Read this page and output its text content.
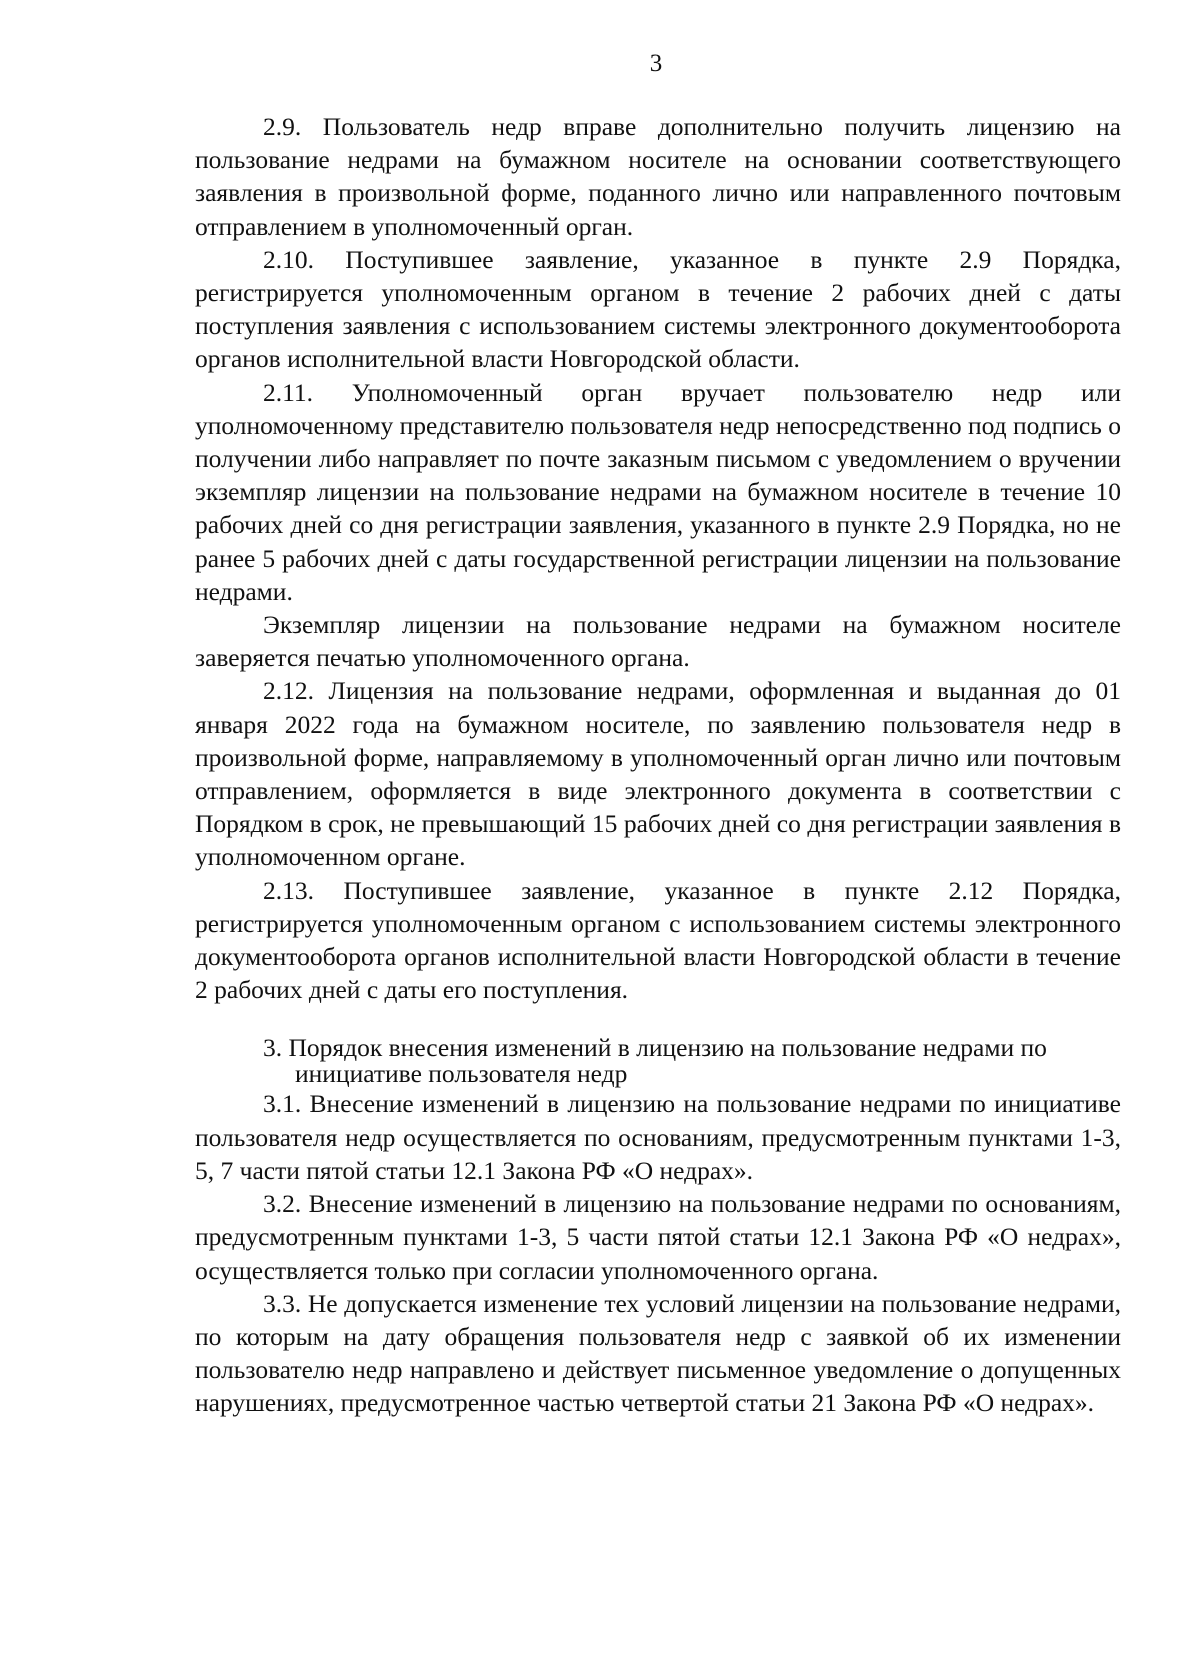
3

2.9. Пользователь недр вправе дополнительно получить лицензию на пользование недрами на бумажном носителе на основании соответствующего заявления в произвольной форме, поданного лично или направленного почтовым отправлением в уполномоченный орган.

2.10. Поступившее заявление, указанное в пункте 2.9 Порядка, регистрируется уполномоченным органом в течение 2 рабочих дней с даты поступления заявления с использованием системы электронного документооборота органов исполнительной власти Новгородской области.

2.11. Уполномоченный орган вручает пользователю недр или уполномоченному представителю пользователя недр непосредственно под подпись о получении либо направляет по почте заказным письмом с уведомлением о вручении экземпляр лицензии на пользование недрами на бумажном носителе в течение 10 рабочих дней со дня регистрации заявления, указанного в пункте 2.9 Порядка, но не ранее 5 рабочих дней с даты государственной регистрации лицензии на пользование недрами.

Экземпляр лицензии на пользование недрами на бумажном носителе заверяется печатью уполномоченного органа.

2.12. Лицензия на пользование недрами, оформленная и выданная до 01 января 2022 года на бумажном носителе, по заявлению пользователя недр в произвольной форме, направляемому в уполномоченный орган лично или почтовым отправлением, оформляется в виде электронного документа в соответствии с Порядком в срок, не превышающий 15 рабочих дней со дня регистрации заявления в уполномоченном органе.

2.13. Поступившее заявление, указанное в пункте 2.12 Порядка, регистрируется уполномоченным органом с использованием системы электронного документооборота органов исполнительной власти Новгородской области в течение 2 рабочих дней с даты его поступления.

3. Порядок внесения изменений в лицензию на пользование недрами по
инициативе пользователя недр

3.1. Внесение изменений в лицензию на пользование недрами по инициативе пользователя недр осуществляется по основаниям, предусмотренным пунктами 1-3, 5, 7 части пятой статьи 12.1 Закона РФ «О недрах».

3.2. Внесение изменений в лицензию на пользование недрами по основаниям, предусмотренным пунктами 1-3, 5 части пятой статьи 12.1 Закона РФ «О недрах», осуществляется только при согласии уполномоченного органа.

3.3. Не допускается изменение тех условий лицензии на пользование недрами, по которым на дату обращения пользователя недр с заявкой об их изменении пользователю недр направлено и действует письменное уведомление о допущенных нарушениях, предусмотренное частью четвертой статьи 21 Закона РФ «О недрах».
